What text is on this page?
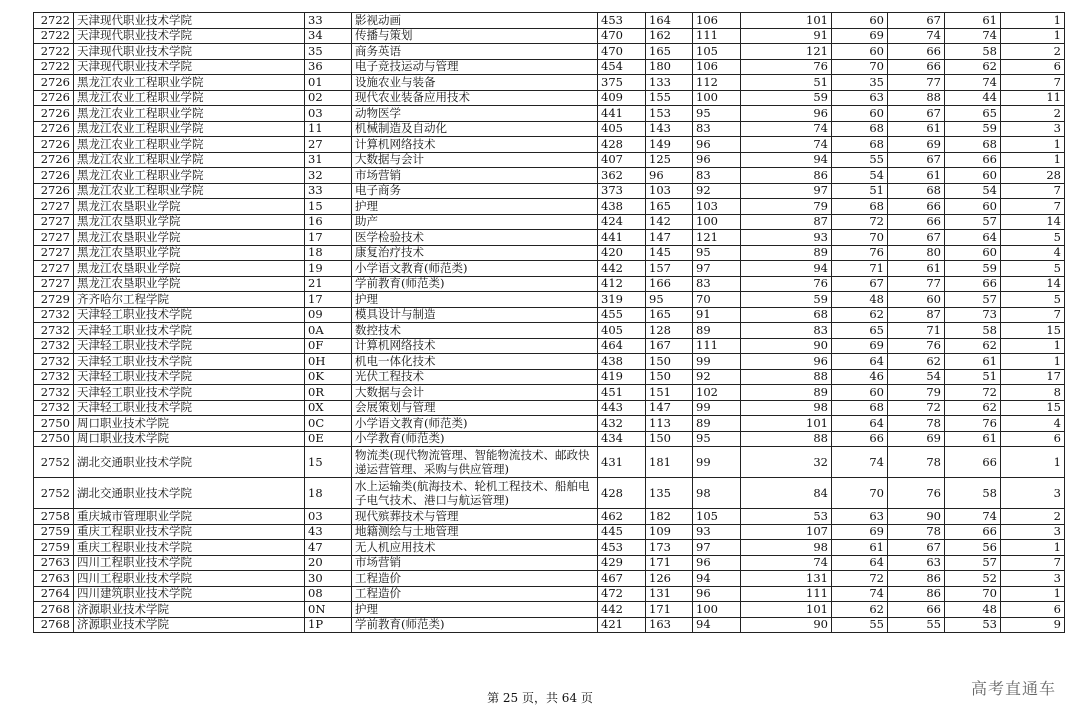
2722	天津现代职业技术学院	33	影视动画	453	164	106	101	60	67	61	1
2722	天津现代职业技术学院	34	传播与策划	470	162	111	91	69	74	74	1
2722	天津现代职业技术学院	35	商务英语	470	165	105	121	60	66	58	2
2722	天津现代职业技术学院	36	电子竞技运动与管理	454	180	106	76	70	66	62	6
2726	黑龙江农业工程职业学院	01	设施农业与装备	375	133	112	51	35	77	74	7
2726	黑龙江农业工程职业学院	02	现代农业装备应用技术	409	155	100	59	63	88	44	11
2726	黑龙江农业工程职业学院	03	动物医学	441	153	95	96	60	67	65	2
2726	黑龙江农业工程职业学院	11	机械制造及自动化	405	143	83	74	68	61	59	3
2726	黑龙江农业工程职业学院	27	计算机网络技术	428	149	96	74	68	69	68	1
2726	黑龙江农业工程职业学院	31	大数据与会计	407	125	96	94	55	67	66	1
2726	黑龙江农业工程职业学院	32	市场营销	362	96	83	86	54	61	60	28
2726	黑龙江农业工程职业学院	33	电子商务	373	103	92	97	51	68	54	7
2727	黑龙江农垦职业学院	15	护理	438	165	103	79	68	66	60	7
2727	黑龙江农垦职业学院	16	助产	424	142	100	87	72	66	57	14
2727	黑龙江农垦职业学院	17	医学检验技术	441	147	121	93	70	67	64	5
2727	黑龙江农垦职业学院	18	康复治疗技术	420	145	95	89	76	80	60	4
2727	黑龙江农垦职业学院	19	小学语文教育(师范类)	442	157	97	94	71	61	59	5
2727	黑龙江农垦职业学院	21	学前教育(师范类)	412	166	83	76	67	77	66	14
2729	齐齐哈尔工程学院	17	护理	319	95	70	59	48	60	57	5
2732	天津轻工职业技术学院	09	模具设计与制造	455	165	91	68	62	87	73	7
2732	天津轻工职业技术学院	0A	数控技术	405	128	89	83	65	71	58	15
2732	天津轻工职业技术学院	0F	计算机网络技术	464	167	111	90	69	76	62	1
2732	天津轻工职业技术学院	0H	机电一体化技术	438	150	99	96	64	62	61	1
2732	天津轻工职业技术学院	0K	光伏工程技术	419	150	92	88	46	54	51	17
2732	天津轻工职业技术学院	0R	大数据与会计	451	151	102	89	60	79	72	8
2732	天津轻工职业技术学院	0X	会展策划与管理	443	147	99	98	68	72	62	15
2750	周口职业技术学院	0C	小学语文教育(师范类)	432	113	89	101	64	78	76	4
2750	周口职业技术学院	0E	小学教育(师范类)	434	150	95	88	66	69	61	6
2752	湖北交通职业技术学院	15	物流类(现代物流管理、智能物流技术、邮政快递运营管理、采购与供应管理)	431	181	99	32	74	78	66	1
2752	湖北交通职业技术学院	18	水上运输类(航海技术、轮机工程技术、船舶电子电气技术、港口与航运管理)	428	135	98	84	70	76	58	3
2758	重庆城市管理职业学院	03	现代殡葬技术与管理	462	182	105	53	63	90	74	2
2759	重庆工程职业技术学院	43	地籍测绘与土地管理	445	109	93	107	69	78	66	3
2759	重庆工程职业技术学院	47	无人机应用技术	453	173	97	98	61	67	56	1
2763	四川工程职业技术学院	20	市场营销	429	171	96	74	64	63	57	7
2763	四川工程职业技术学院	30	工程造价	467	126	94	131	72	86	52	3
2764	四川建筑职业技术学院	08	工程造价	472	131	96	111	74	86	70	1
2768	济源职业技术学院	0N	护理	442	171	100	101	62	66	48	6
2768	济源职业技术学院	1P	学前教育(师范类)	421	163	94	90	55	55	53	9
第 25 页，共 64 页	高考直通车
